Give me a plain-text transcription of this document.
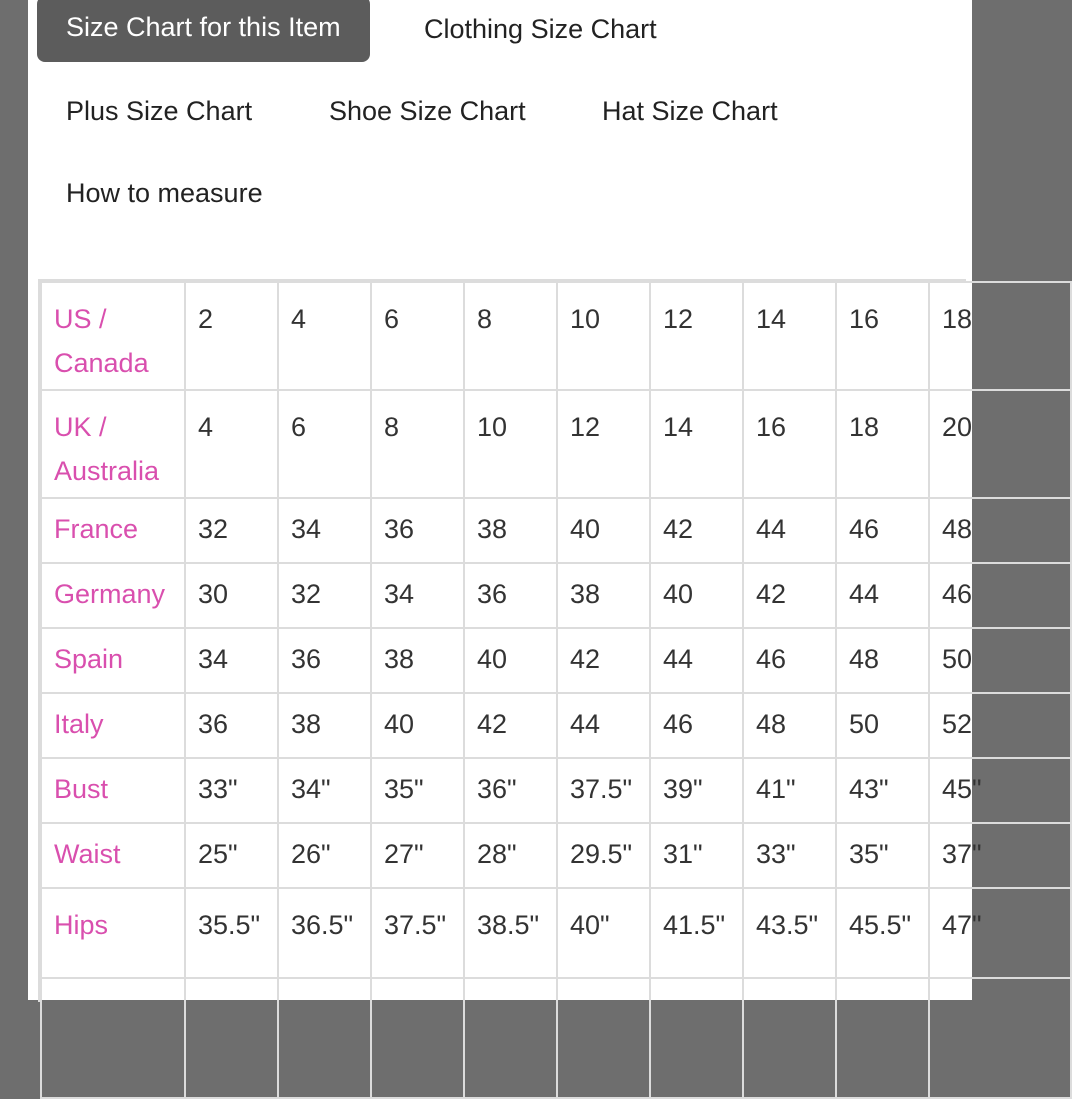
Size Chart for this Item	Clothing Size Chart
Plus Size Chart	Shoe Size Chart	Hat Size Chart
How to measure
US / Canada	2	4	6	8	10	12	14	16	18
UK / Australia	4	6	8	10	12	14	16	18	20
France	32	34	36	38	40	42	44	46	48
Germany	30	32	34	36	38	40	42	44	46
Spain	34	36	38	40	42	44	46	48	50
Italy	36	38	40	42	44	46	48	50	52
Bust	33"	34"	35"	36"	37.5"	39"	41"	43"	45"
Waist	25"	26"	27"	28"	29.5"	31"	33"	35"	37"
Hips	35.5"	36.5"	37.5"	38.5"	40"	41.5"	43.5"	45.5"	47"
